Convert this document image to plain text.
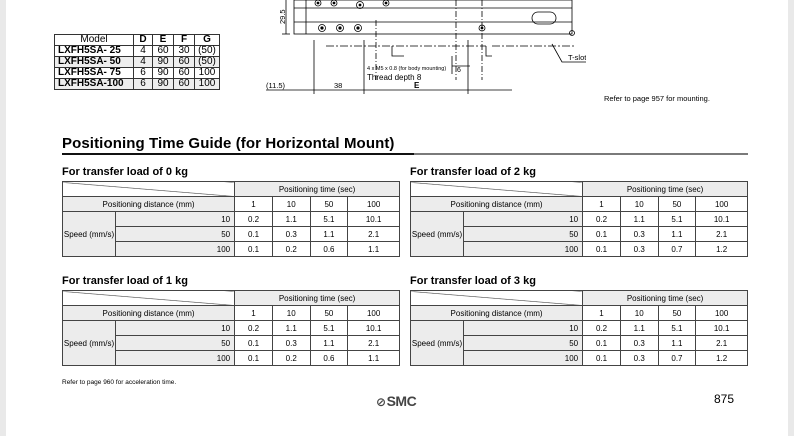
Model	D	E	F	G
LXFH5SA- 25	4	60	30	(50)
LXFH5SA- 50	4	90	60	(50)
LXFH5SA- 75	6	90	60	100
LXFH5SA-100	6	90	60	100
29.5
(11.5)	38	E
6
4 x M5 x 0.8 (for body mounting)
Thread depth 8
T-slot
Refer to page 957 for mounting.
Positioning Time Guide (for Horizontal Mount)
For transfer load of 0 kg
		Positioning time (sec)			
Positioning distance (mm)		1	10	50	100
Speed (mm/s)	10	0.2	1.1	5.1	10.1
	50	0.1	0.3	1.1	2.1
	100	0.1	0.2	0.6	1.1
For transfer load of 2 kg
		Positioning time (sec)			
Positioning distance (mm)		1	10	50	100
Speed (mm/s)	10	0.2	1.1	5.1	10.1
	50	0.1	0.3	1.1	2.1
	100	0.1	0.3	0.7	1.2
For transfer load of 1 kg
		Positioning time (sec)			
Positioning distance (mm)		1	10	50	100
Speed (mm/s)	10	0.2	1.1	5.1	10.1
	50	0.1	0.3	1.1	2.1
	100	0.1	0.2	0.6	1.1
For transfer load of 3 kg
		Positioning time (sec)			
Positioning distance (mm)		1	10	50	100
Speed (mm/s)	10	0.2	1.1	5.1	10.1
	50	0.1	0.3	1.1	2.1
	100	0.1	0.3	0.7	1.2
Refer to page 960 for acceleration time.
⊘SMC	875
